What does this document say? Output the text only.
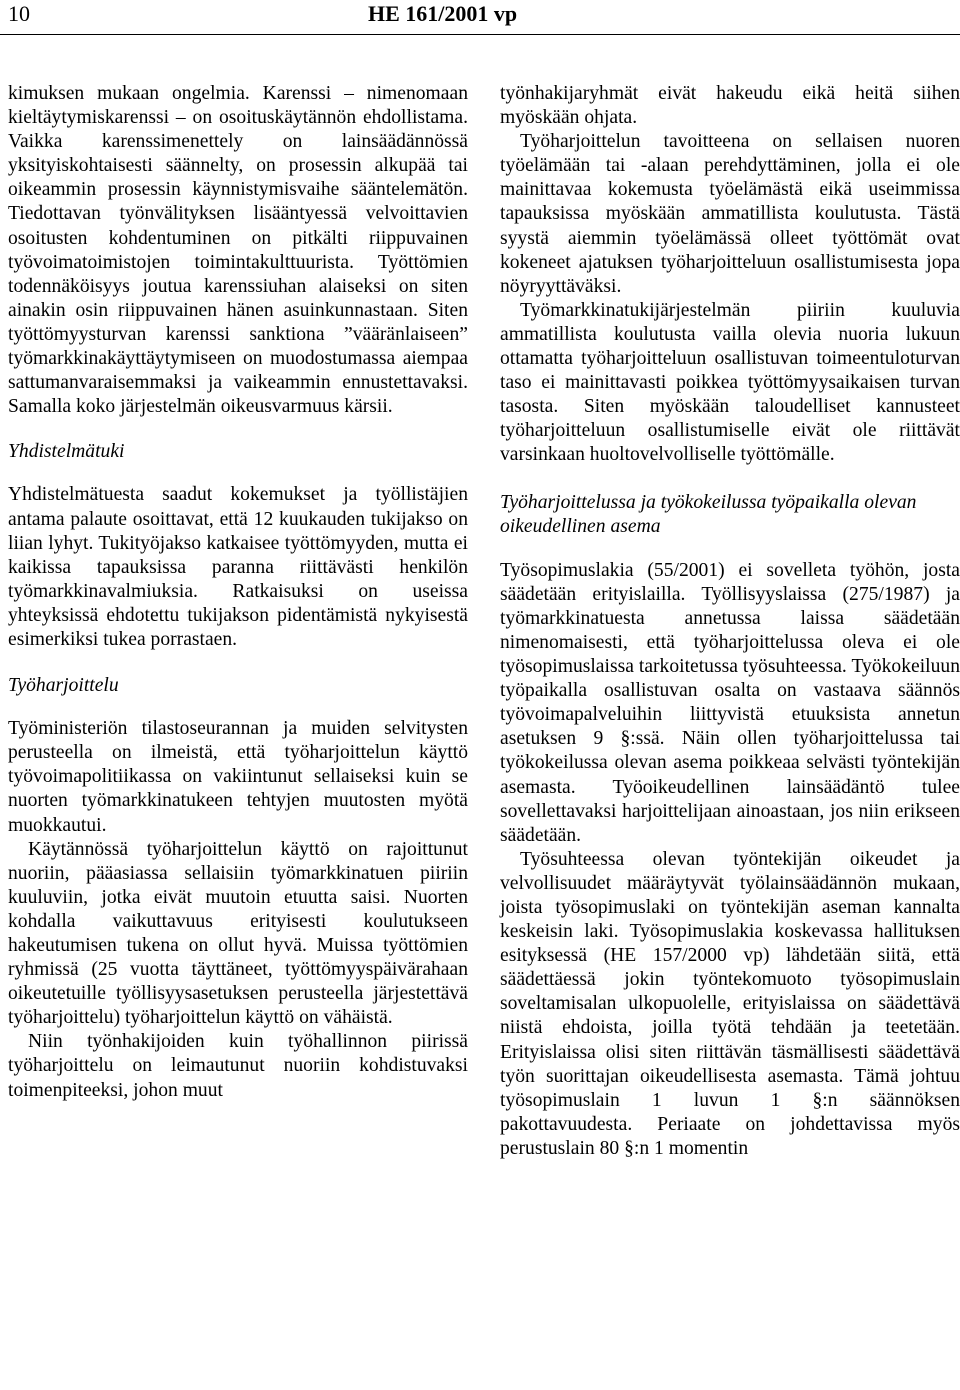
10	HE 161/2001 vp

kimuksen mukaan ongelmia. Karenssi – nimenomaan kieltäytymiskarenssi – on osoituskäytännön ehdollistama. Vaikka karenssimenettely on lainsäädännössä yksityiskohtaisesti säännelty, on prosessin alkupää tai oikeammin prosessin käynnistymisvaihe sääntelemätön. Tiedottavan työnvälityksen lisääntyessä velvoittavien osoitusten kohdentuminen on pitkälti riippuvainen työvoimatoimistojen toimintakulttuurista. Työttömien todennäköisyys joutua karenssiuhan alaiseksi on siten ainakin osin riippuvainen hänen asuinkunnastaan. Siten työttömyysturvan karenssi sanktiona ”vääränlaiseen” työmarkkinakäyttäytymiseen on muodostumassa aiempaa sattumanvaraisemmaksi ja vaikeammin ennustettavaksi. Samalla koko järjestelmän oikeusvarmuus kärsii.

Yhdistelmätuki

Yhdistelmätuesta saadut kokemukset ja työllistäjien antama palaute osoittavat, että 12 kuukauden tukijakso on liian lyhyt. Tukityöjakso katkaisee työttömyyden, mutta ei kaikissa tapauksissa paranna riittävästi henkilön työmarkkinavalmiuksia. Ratkaisuksi on useissa yhteyksissä ehdotettu tukijakson pidentämistä nykyisestä esimerkiksi tukea porrastaen.

Työharjoittelu

Työministeriön tilastoseurannan ja muiden selvitysten perusteella on ilmeistä, että työharjoittelun käyttö työvoimapolitiikassa on vakiintunut sellaiseksi kuin se nuorten työmarkkinatukeen tehtyjen muutosten myötä muokkautui.

Käytännössä työharjoittelun käyttö on rajoittunut nuoriin, pääasiassa sellaisiin työmarkkinatuen piiriin kuuluviin, jotka eivät muutoin etuutta saisi. Nuorten kohdalla vaikuttavuus erityisesti koulutukseen hakeutumisen tukena on ollut hyvä. Muissa työttömien ryhmissä (25 vuotta täyttäneet, työttömyyspäivärahaan oikeutetuille työllisyysasetuksen perusteella järjestettävä työharjoittelu) työharjoittelun käyttö on vähäistä.

Niin työnhakijoiden kuin työhallinnon piirissä työharjoittelu on leimautunut nuoriin kohdistuvaksi toimenpiteeksi, johon muut

työnhakijaryhmät eivät hakeudu eikä heitä siihen myöskään ohjata.

Työharjoittelun tavoitteena on sellaisen nuoren työelämään tai -alaan perehdyttäminen, jolla ei ole mainittavaa kokemusta työelämästä eikä useimmissa tapauksissa myöskään ammatillista koulutusta. Tästä syystä aiemmin työelämässä olleet työttömät ovat kokeneet ajatuksen työharjoitteluun osallistumisesta jopa nöyryyttäväksi.

Työmarkkinatukijärjestelmän piiriin kuuluvia ammatillista koulutusta vailla olevia nuoria lukuun ottamatta työharjoitteluun osallistuvan toimeentuloturvan taso ei mainittavasti poikkea työttömyysaikaisen turvan tasosta. Siten myöskään taloudelliset kannusteet työharjoitteluun osallistumiselle eivät ole riittävät varsinkaan huoltovelvolliselle työttömälle.

Työharjoittelussa ja työkokeilussa työpaikalla olevan oikeudellinen asema

Työsopimuslakia (55/2001) ei sovelleta työhön, josta säädetään erityislailla. Työllisyyslaissa (275/1987) ja työmarkkinatuesta annetussa laissa säädetään nimenomaisesti, että työharjoittelussa oleva ei ole työsopimuslaissa tarkoitetussa työsuhteessa. Työkokeiluun työpaikalla osallistuvan osalta on vastaava säännös työvoimapalveluihin liittyvistä etuuksista annetun asetuksen 9 §:ssä. Näin ollen työharjoittelussa tai työkokeilussa olevan asema poikkeaa selvästi työntekijän asemasta. Työoikeudellinen lainsäädäntö tulee sovellettavaksi harjoittelijaan ainoastaan, jos niin erikseen säädetään.

Työsuhteessa olevan työntekijän oikeudet ja velvollisuudet määräytyvät työlainsäädännön mukaan, joista työsopimuslaki on työntekijän aseman kannalta keskeisin laki. Työsopimuslakia koskevassa hallituksen esityksessä (HE 157/2000 vp) lähdetään siitä, että säädettäessä jokin työntekomuoto työsopimuslain soveltamisalan ulkopuolelle, erityislaissa on säädettävä niistä ehdoista, joilla työtä tehdään ja teetetään. Erityislaissa olisi siten riittävän täsmällisesti säädettävä työn suorittajan oikeudellisesta asemasta. Tämä johtuu työsopimuslain 1 luvun 1 §:n säännöksen pakottavuudesta. Periaate on johdettavissa myös perustuslain 80 §:n 1 momentin
